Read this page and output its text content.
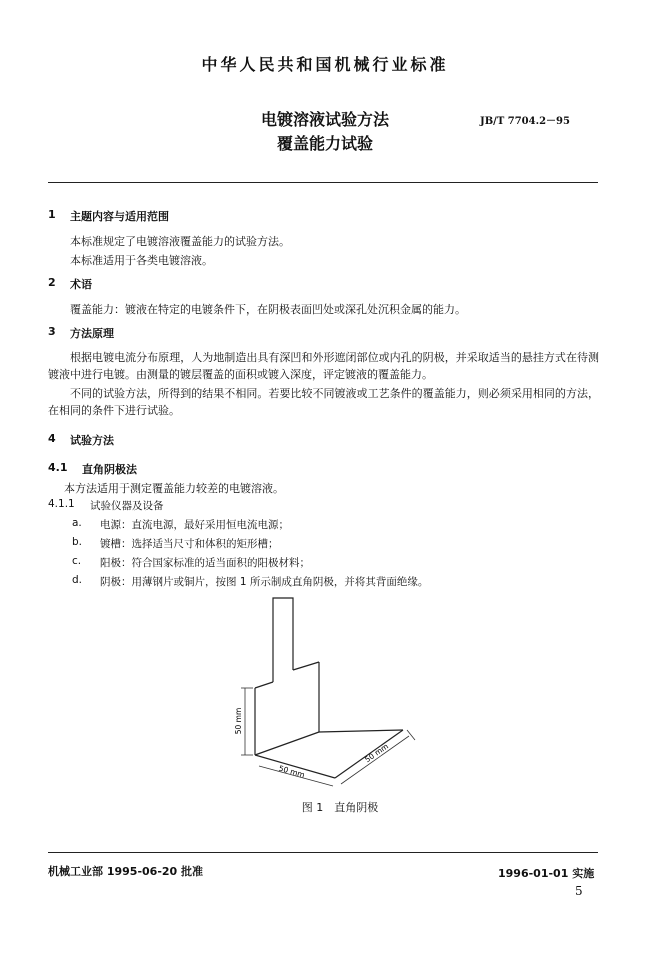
中华人民共和国机械行业标准
电镀溶液试验方法
覆盖能力试验
JB/T 7704.2－95
1 主题内容与适用范围
本标准规定了电镀溶液覆盖能力的试验方法。
本标准适用于各类电镀溶液。
2 术语
覆盖能力：镀液在特定的电镀条件下，在阴极表面凹处或深孔处沉积金属的能力。
3 方法原理
根据电镀电流分布原理，人为地制造出具有深凹和外形遮闭部位或内孔的阴极，并采取适当的悬挂方式在待测镀液中进行电镀。由测量的镀层覆盖的面积或镀入深度，评定镀液的覆盖能力。
不同的试验方法，所得到的结果不相同。若要比较不同镀液或工艺条件的覆盖能力，则必须采用相同的方法，在相同的条件下进行试验。
4 试验方法
4.1 直角阴极法
本方法适用于测定覆盖能力较差的电镀溶液。
4.1.1 试验仪器及设备
a. 电源：直流电源，最好采用恒电流电源；
b. 镀槽：选择适当尺寸和体积的矩形槽；
c. 阳极：符合国家标准的适当面积的阳极材料；
d. 阴极：用薄钢片或铜片，按图 1 所示制成直角阴极，并将其背面绝缘。
50 mm
50 mm
50 mm
图 1　直角阴极
机械工业部 1995-06-20 批准	1996-01-01 实施
5
